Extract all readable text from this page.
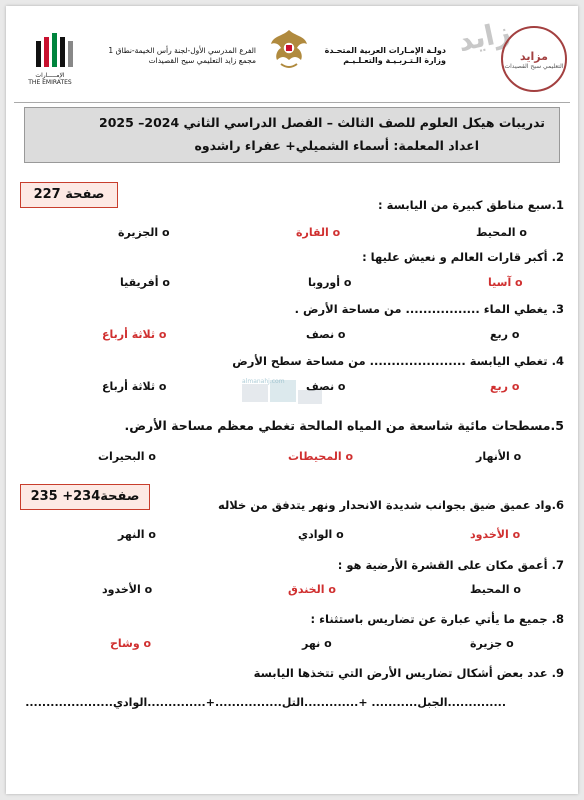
الإمـــــارات
THE EMIRATES
الفرع المدرسي الأول-لجنة رأس الخيمة-نطاق 1
مجمع زايد التعليمي سيح القصيدات
دولـة الإمـارات العربية المتحـدة
وزارة الـتـربـيـة والتعـلـيـم
زايد مزايد
التعليمي سيح القصيدات
تدريبات هيكل العلوم للصف الثالث – الفصل الدراسي الثاني 2024– 2025
اعداد المعلمة: أسماء الشميلي+ عفراء راشدوه
صفحة 227
صفحة234+ 235
1.سبع مناطق كبيرة من اليابسة :
o المحيط
o القارة
o الجزيرة
2. أكبر قارات العالم و نعيش عليها :
o آسيا
o أوروبا
o أفريقيا
3. يغطي الماء ................. من مساحة الأرض .
o ربع
o نصف
o ثلاثة أرباع
4. تغطي اليابسة ...................... من مساحة سطح الأرض
o ربع
o نصف
o ثلاثة أرباع	almanahj.com
5.مسطحات مائية شاسعة من المياه المالحة تغطي معظم مساحة الأرض.
o الأنهار
o المحيطات
o البحيرات
6.واد عميق ضيق بجوانب شديدة الانحدار ونهر يتدفق من خلاله
o الأخدود
o الوادي
o النهر
7. أعمق مكان على القشرة الأرضية هو :
o المحيط
o الخندق
o الأخدود
8. جميع ما يأتي عبارة عن تضاريس باستثناء :
o جزيرة
o نهر
o وشاح
9. عدد بعض أشكال تضاريس الأرض التي تتخذها اليابسة
..............الجبل........... +.............التل................+..............الوادي.....................
